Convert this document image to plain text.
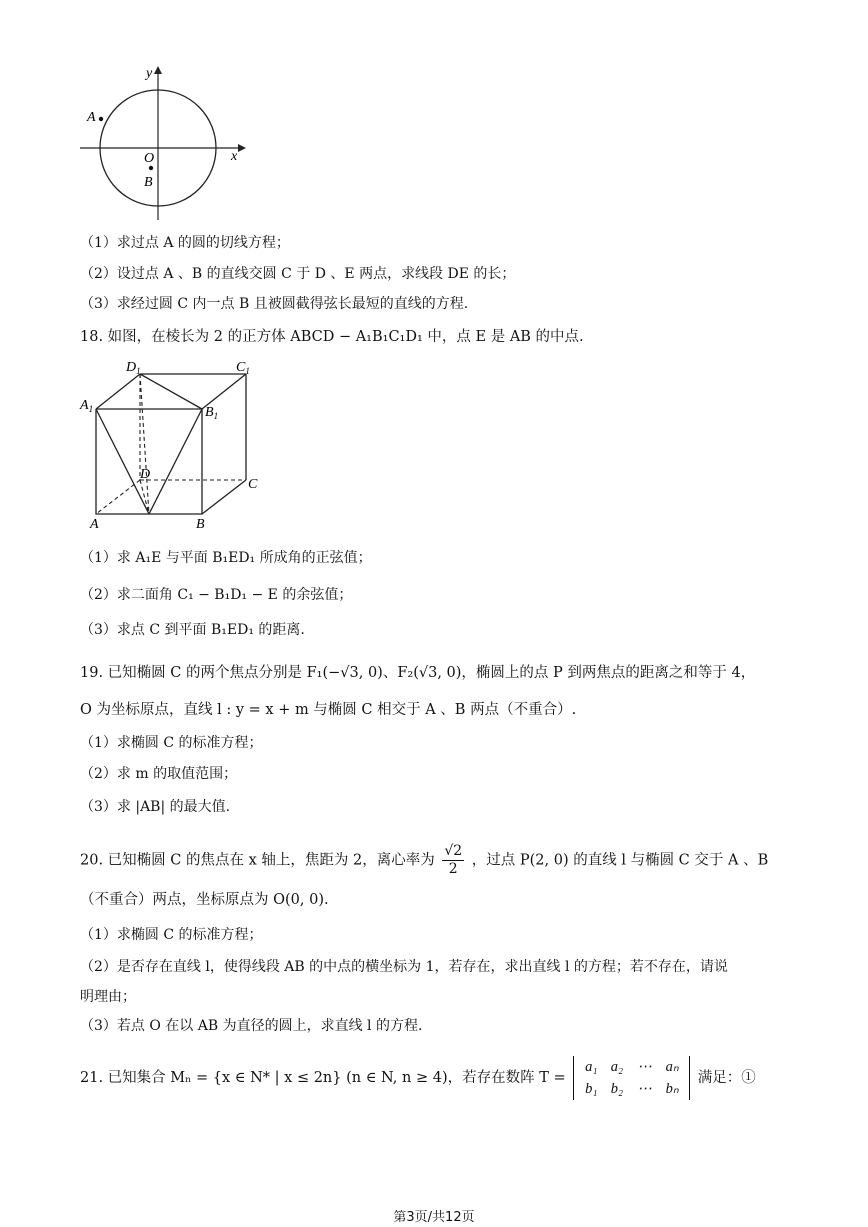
y
x
O
A
B
（1）求过点 A 的圆的切线方程；
（2）设过点 A 、B 的直线交圆 C 于 D 、E 两点，求线段 DE 的长；
（3）求经过圆 C 内一点 B 且被圆截得弦长最短的直线的方程.
18. 如图，在棱长为 2 的正方体 ABCD − A₁B₁C₁D₁ 中，点 E 是 AB 的中点.
$D_1$	$C_1$
$A_1$	$B_1$
D
C
A	B
（1）求 A₁E 与平面 B₁ED₁ 所成角的正弦值；
（2）求二面角 C₁ − B₁D₁ − E 的余弦值；
（3）求点 C 到平面 B₁ED₁ 的距离.
19. 已知椭圆 C 的两个焦点分别是 F₁(−√3, 0)、F₂(√3, 0)，椭圆上的点 P 到两焦点的距离之和等于 4，
O 为坐标原点，直线 l : y = x + m 与椭圆 C 相交于 A 、B 两点（不重合）.
（1）求椭圆 C 的标准方程；
（2）求 m 的取值范围；
（3）求 |AB| 的最大值.
20. 已知椭圆 C 的焦点在 x 轴上，焦距为 2，离心率为 $\frac{√2}{2}$ ，过点 P(2, 0) 的直线 l 与椭圆 C 交于 A 、B
（不重合）两点，坐标原点为 O(0, 0).
（1）求椭圆 C 的标准方程；
（2）是否存在直线 l，使得线段 AB 的中点的横坐标为 1，若存在，求出直线 l 的方程；若不存在，请说
明理由；
（3）若点 O 在以 AB 为直径的圆上，求直线 l 的方程.
21. 已知集合 Mₙ = {x ∈ N* | x ≤ 2n} (n ∈ N, n ≥ 4)，若存在数阵 T =
a₁ a₂ ⋯ aₙ
b₁ b₂ ⋯ bₙ
满足：①
第3页/共12页
